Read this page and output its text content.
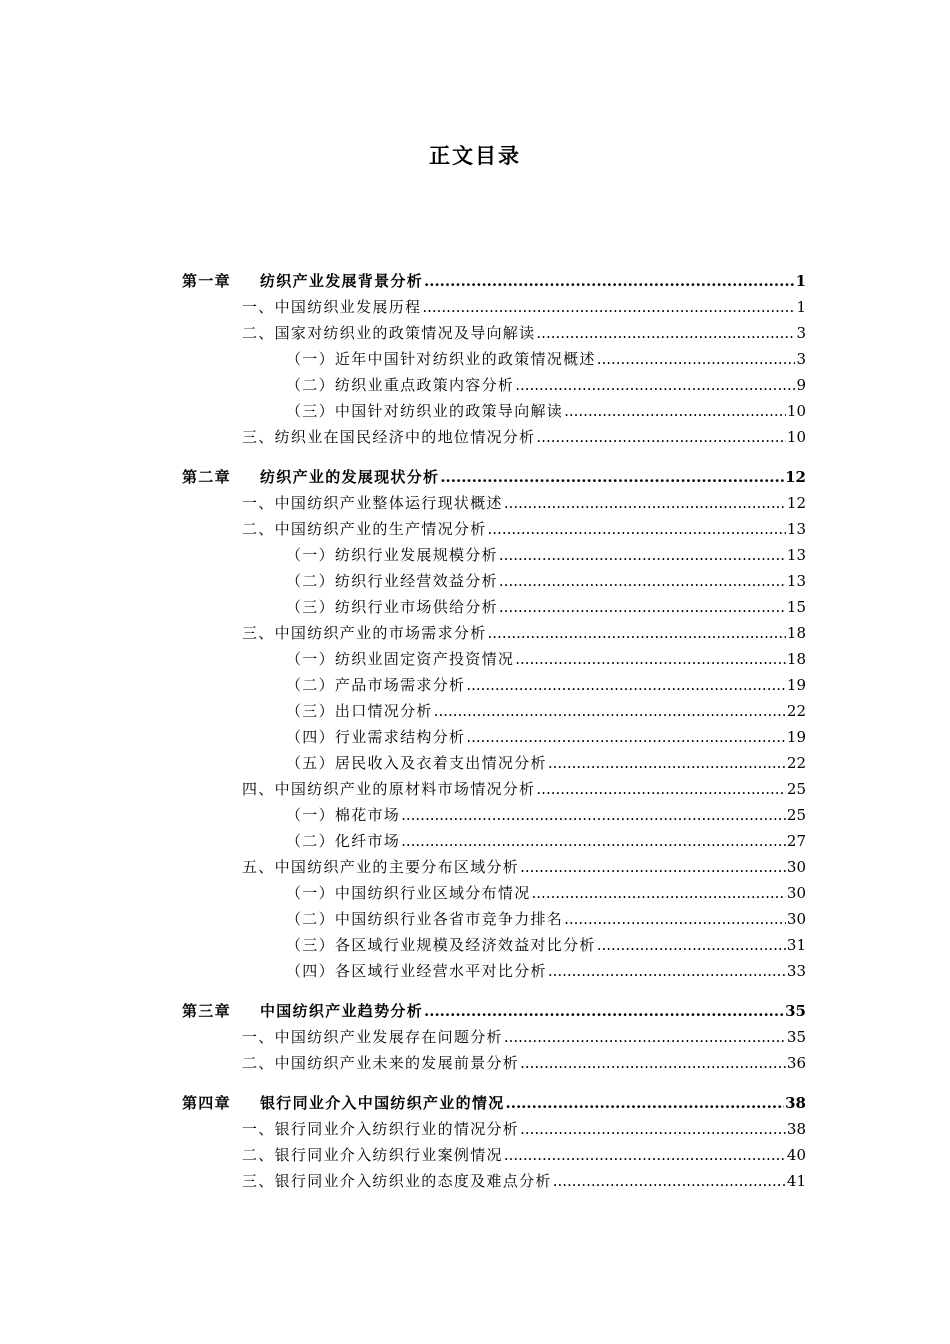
正文目录
第一章 纺织产业发展背景分析 .....	1
一、中国纺织业发展历程 .....	1
二、国家对纺织业的政策情况及导向解读 .....	3
（一）近年中国针对纺织业的政策情况概述 .....	3
（二）纺织业重点政策内容分析 .....	9
（三）中国针对纺织业的政策导向解读 .....	10
三、纺织业在国民经济中的地位情况分析 .....	10
第二章 纺织产业的发展现状分析 .....	12
一、中国纺织产业整体运行现状概述 .....	12
二、中国纺织产业的生产情况分析 .....	13
（一）纺织行业发展规模分析 .....	13
（二）纺织行业经营效益分析 .....	13
（三）纺织行业市场供给分析 .....	15
三、中国纺织产业的市场需求分析 .....	18
（一）纺织业固定资产投资情况 .....	18
（二）产品市场需求分析 .....	19
（三）出口情况分析 .....	22
（四）行业需求结构分析 .....	19
（五）居民收入及衣着支出情况分析 .....	22
四、中国纺织产业的原材料市场情况分析 .....	25
（一）棉花市场 .....	25
（二）化纤市场 .....	27
五、中国纺织产业的主要分布区域分析 .....	30
（一）中国纺织行业区域分布情况 .....	30
（二）中国纺织行业各省市竞争力排名 .....	30
（三）各区域行业规模及经济效益对比分析 .....	31
（四）各区域行业经营水平对比分析 .....	33
第三章 中国纺织产业趋势分析 .....	35
一、中国纺织产业发展存在问题分析 .....	35
二、中国纺织产业未来的发展前景分析 .....	36
第四章 银行同业介入中国纺织产业的情况 .....	38
一、银行同业介入纺织行业的情况分析 .....	38
二、银行同业介入纺织行业案例情况 .....	40
三、银行同业介入纺织业的态度及难点分析 .....	41
